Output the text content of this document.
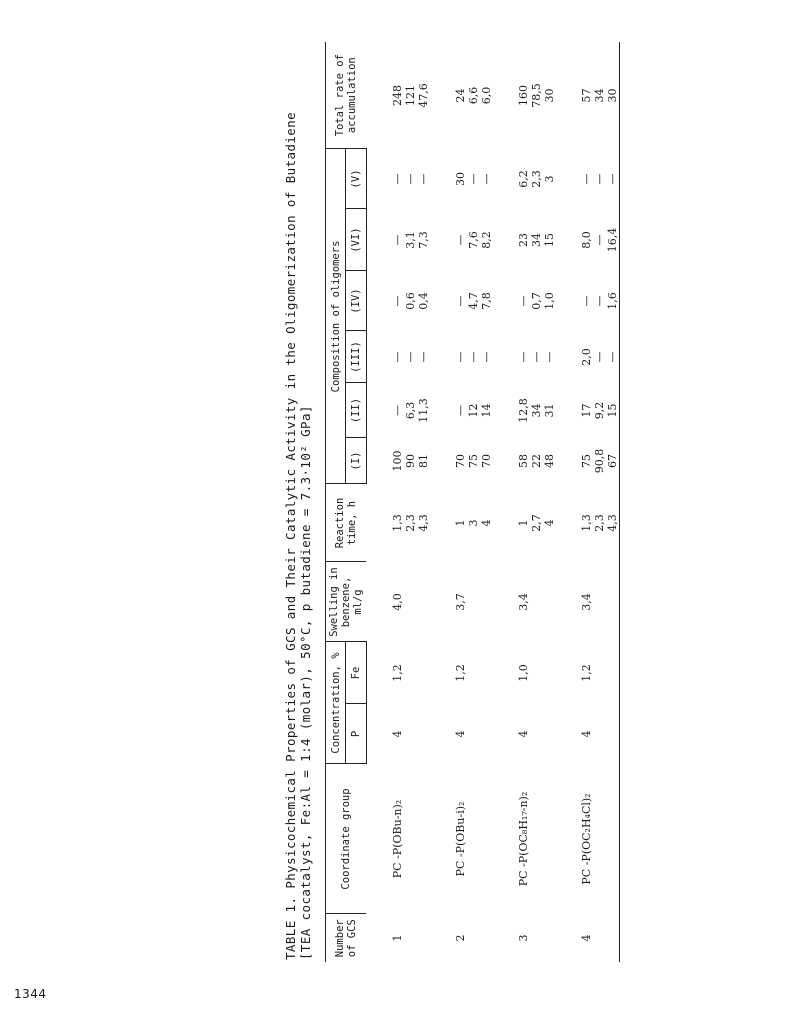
TABLE 1. Physicochemical Properties of GCS and Their Catalytic Activity in the Oligomerization of Butadiene [TEA cocatalyst, Fe:Al = 1:4 (molar), 50°C, p butadiene = 7.3·10² GPa] Number of GCS	Coordinate group	Concentration, %		Swelling in benzene, ml/g	Reaction time, h	Composition of oligomers						Total rate of accumulation
		P	Fe			(I)	(II)	(III)	(IV)	(VI)	(V)	

1	PC -P(OBu-n)₂	4	1,2	4,0	1,3	100	—	—	—	—	—	248
					2,3	90	6,3	—	0,6	3,1	—	121
					4,3	81	11,3	—	0,4	7,3	—	47,6

2	PC -P(OBu-i)₂	4	1,2	3,7	1	70	—	—	—	—	30	24
					3	75	12	—	4,7	7,6	—	6,6
					4	70	14	—	7,8	8,2	—	6,0

3	PC -P(OC₈H₁₇-n)₂	4	1,0	3,4	1	58	12,8	—	—	23	6,2	160
					2,7	22	34	—	0,7	34	2,3	78,5
					4	48	31	—	1,0	15	3	30

4	PC -P(OC₂H₄Cl)₂	4	1,2	3,4	1,3	75	17	2,0	—	8,0	—	57
					2,3	90,8	9,2	—	—	—	—	34
					4,3	67	15	—	1,6	16,4	—	30
1344
